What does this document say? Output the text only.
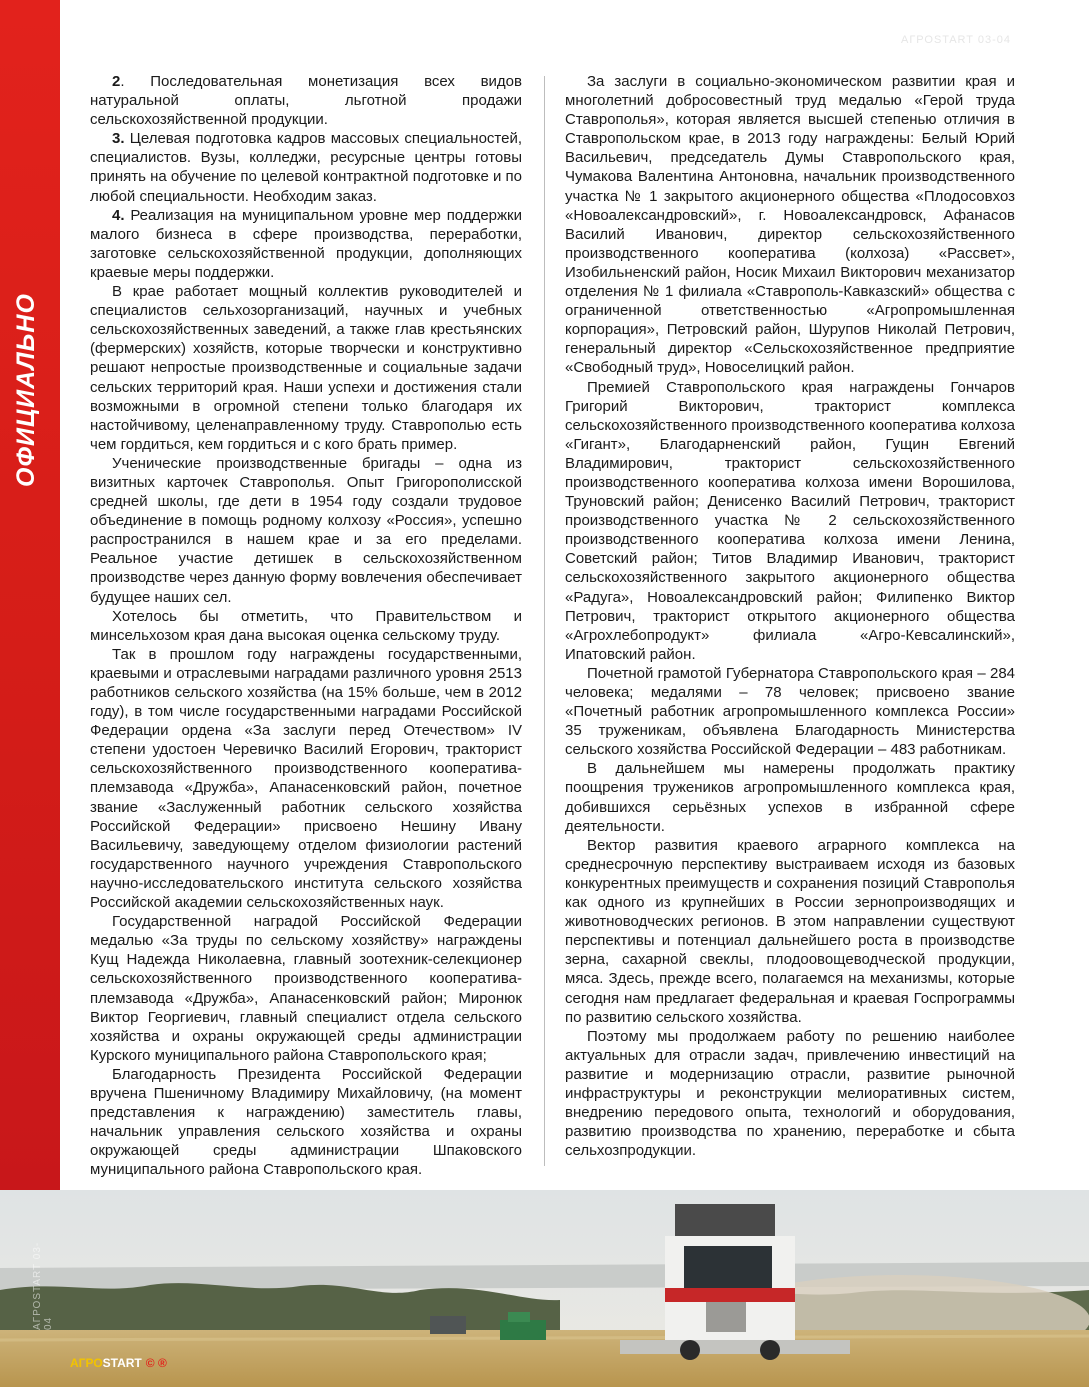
ОФИЦИАЛЬНО
АГРОSTART 03-04

2. Последовательная монетизация всех видов натуральной оплаты, льготной продажи сельскохозяйственной продукции.

3. Целевая подготовка кадров массовых специальностей, специалистов. Вузы, колледжи, ресурсные центры готовы принять на обучение по целевой контрактной подготовке и по любой специальности. Необходим заказ.

4. Реализация на муниципальном уровне мер поддержки малого бизнеса в сфере производства, переработки, заготовке сельскохозяйственной продукции, дополняющих краевые меры поддержки.

В крае работает мощный коллектив руководителей и специалистов сельхозорганизаций, научных и учебных сельскохозяйственных заведений, а также глав крестьянских (фермерских) хозяйств, которые творчески и конструктивно решают непростые производственные и социальные задачи сельских территорий края. Наши успехи и достижения стали возможными в огромной степени только благодаря их настойчивому, целенаправленному труду. Ставрополью есть чем гордиться, кем гордиться и с кого брать пример.

Ученические производственные бригады – одна из визитных карточек Ставрополья. Опыт Григорополисской средней школы, где дети в 1954 году создали трудовое объединение в помощь родному колхозу «Россия», успешно распространился в нашем крае и за его пределами. Реальное участие детишек в сельскохозяйственном производстве через данную форму вовлечения обеспечивает будущее наших сел.

Хотелось бы отметить, что Правительством и минсельхозом края дана высокая оценка сельскому труду.

Так в прошлом году награждены государственными, краевыми и отраслевыми наградами различного уровня 2513 работников сельского хозяйства (на 15% больше, чем в 2012 году), в том числе государственными наградами Российской Федерации ордена «За заслуги перед Отечеством» IV степени удостоен Черевичко Василий Егорович, тракторист сельскохозяйственного производственного кооператива-племзавода «Дружба», Апанасенковский район, почетное звание «Заслуженный работник сельского хозяйства Российской Федерации» присвоено Нешину Ивану Васильевичу, заведующему отделом физиологии растений государственного научного учреждения Ставропольского научно-исследовательского института сельского хозяйства Российской академии сельскохозяйственных наук.

Государственной наградой Российской Федерации медалью «За труды по сельскому хозяйству» награждены Кущ Надежда Николаевна, главный зоотехник-селекционер сельскохозяйственного производственного кооператива-племзавода «Дружба», Апанасенковский район; Миронюк Виктор Георгиевич, главный специалист отдела сельского хозяйства и охраны окружающей среды администрации Курского муниципального района Ставропольского края;

Благодарность Президента Российской Федерации вручена Пшеничному Владимиру Михайловичу, (на момент представления к награждению) заместитель главы, начальник управления сельского хозяйства и охраны окружающей среды администрации Шпаковского муниципального района Ставропольского края.

За заслуги в социально-экономическом развитии края и многолетний добросовестный труд медалью «Герой труда Ставрополья», которая является высшей степенью отличия в Ставропольском крае, в 2013 году награждены: Белый Юрий Васильевич, председатель Думы Ставропольского края, Чумакова Валентина Антоновна, начальник производственного участка № 1 закрытого акционерного общества «Плодосовхоз «Новоалександровский», г. Новоалександровск, Афанасов Василий Иванович, директор сельскохозяйственного производственного кооператива (колхоза) «Рассвет», Изобильненский район, Носик Михаил Викторович механизатор отделения № 1 филиала «Ставрополь-Кавказский» общества с ограниченной ответственностью «Агропромышленная корпорация», Петровский район, Шурупов Николай Петрович, генеральный директор «Сельскохозяйственное предприятие «Свободный труд», Новоселицкий район.

Премией Ставропольского края награждены Гончаров Григорий Викторович, тракторист комплекса сельскохозяйственного производственного кооператива колхоза «Гигант», Благодарненский район, Гущин Евгений Владимирович, тракторист сельскохозяйственного производственного кооператива колхоза имени Ворошилова, Труновский район; Денисенко Василий Петрович, тракторист производственного участка № 2 сельскохозяйственного производственного кооператива колхоза имени Ленина, Советский район; Титов Владимир Иванович, тракторист сельскохозяйственного закрытого акционерного общества «Радуга», Новоалександровский район; Филипенко Виктор Петрович, тракторист открытого акционерного общества «Агрохлебопродукт» филиала «Агро-Кевсалинский», Ипатовский район.

Почетной грамотой Губернатора Ставропольского края – 284 человека; медалями – 78 человек; присвоено звание «Почетный работник агропромышленного комплекса России» 35 труженикам, объявлена Благодарность Министерства сельского хозяйства Российской Федерации – 483 работникам.

В дальнейшем мы намерены продолжать практику поощрения тружеников агропромышленного комплекса края, добившихся серьёзных успехов в избранной сфере деятельности.

Вектор развития краевого аграрного комплекса на среднесрочную перспективу выстраиваем исходя из базовых конкурентных преимуществ и сохранения позиций Ставрополья как одного из крупнейших в России зернопроизводящих и животноводческих регионов. В этом направлении существуют перспективы и потенциал дальнейшего роста в производстве зерна, сахарной свеклы, плодоовощеводческой продукции, мяса. Здесь, прежде всего, полагаемся на механизмы, которые сегодня нам предлагает федеральная и краевая Госпрограммы по развитию сельского хозяйства.

Поэтому мы продолжаем работу по решению наиболее актуальных для отрасли задач, привлечению инвестиций на развитие и модернизацию отрасли, развитие рыночной инфраструктуры и реконструкции мелиоративных систем, внедрению передового опыта, технологий и оборудования, развитию производства по хранению, переработке и сбыта сельхозпродукции.

АГРОSTART 03-04
АГРОSTART © ®
